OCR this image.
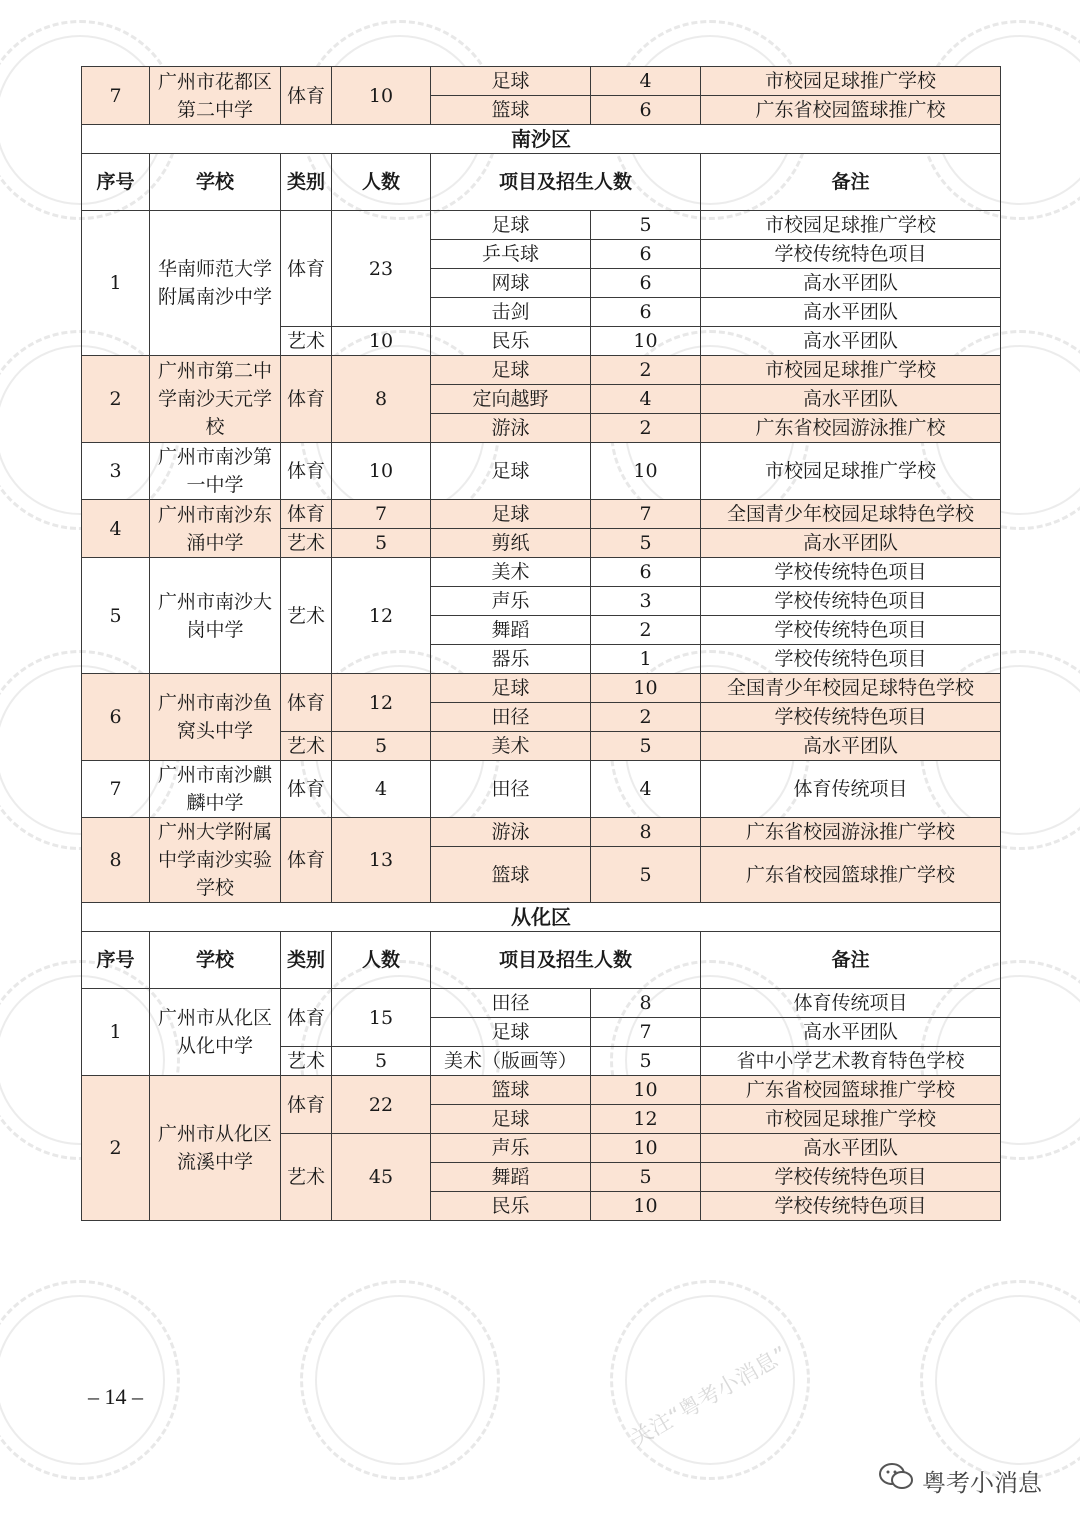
7	广州市花都区第二中学	体育	10	足球	4	市校园足球推广学校
				篮球	6	广东省校园篮球推广校
南沙区						
序号	学校	类别	人数	项目及招生人数		备注
1	华南师范大学附属南沙中学	体育	23	足球	5	市校园足球推广学校
				乒乓球	6	学校传统特色项目
				网球	6	高水平团队
				击剑	6	高水平团队
		艺术	10	民乐	10	高水平团队

2	广州市第二中学南沙天元学校	体育	8	足球	2	市校园足球推广学校
				定向越野	4	高水平团队
				游泳	2	广东省校园游泳推广校
3	广州市南沙第一中学	体育	10	足球	10	市校园足球推广学校

4	广州市南沙东涌中学	体育	7	足球	7	全国青少年校园足球特色学校

		艺术	5	剪纸	5	高水平团队

5	广州市南沙大岗中学	艺术	12	美术	6	学校传统特色项目
				声乐	3	学校传统特色项目
				舞蹈	2	学校传统特色项目
				器乐	1	学校传统特色项目
6	广州市南沙鱼窝头中学	体育	12	足球	10	全国青少年校园足球特色学校
				田径	2	学校传统特色项目
		艺术	5	美术	5	高水平团队

7	广州市南沙麒麟中学	体育	4	田径	4	体育传统项目

8	广州大学附属中学南沙实验学校	体育	13	游泳	8	广东省校园游泳推广学校
				篮球	5	广东省校园篮球推广学校

从化区						
序号	学校	类别	人数	项目及招生人数		备注
1	广州市从化区从化中学	体育	15	田径	8	体育传统项目
				足球	7	高水平团队
		艺术	5	美术（版画等）	5	省中小学艺术教育特色学校

2	广州市从化区流溪中学	体育	22	篮球	10	广东省校园篮球推广学校
				足球	12	市校园足球推广学校
		艺术	45	声乐	10	高水平团队
				舞蹈	5	学校传统特色项目
				民乐	10	学校传统特色项目
– 14 –
粤考小消息
关注“粤考小消息”
